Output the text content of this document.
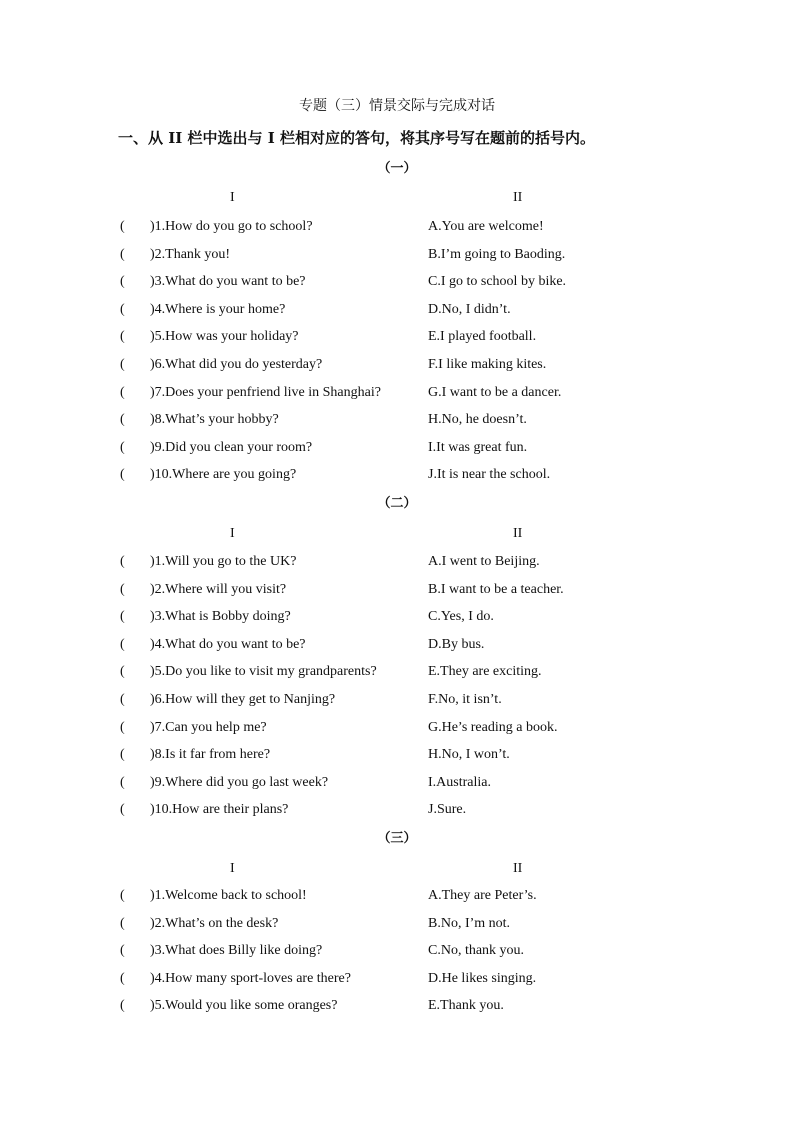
专题（三）情景交际与完成对话
一、从 II 栏中选出与 I 栏相对应的答句，将其序号写在题前的括号内。
（一）
I	II
( )1.How do you go to school?	A.You are welcome!
( )2.Thank you!	B.I’m going to Baoding.
( )3.What do you want to be?	C.I go to school by bike.
( )4.Where is your home?	D.No, I didn’t.
( )5.How was your holiday?	E.I played football.
( )6.What did you do yesterday?	F.I like making kites.
( )7.Does your penfriend live in Shanghai?	G.I want to be a dancer.
( )8.What’s your hobby?	H.No, he doesn’t.
( )9.Did you clean your room?	I.It was great fun.
( )10.Where are you going?	J.It is near the school.
（二）
I	II
( )1.Will you go to the UK?	A.I went to Beijing.
( )2.Where will you visit?	B.I want to be a teacher.
( )3.What is Bobby doing?	C.Yes, I do.
( )4.What do you want to be?	D.By bus.
( )5.Do you like to visit my grandparents?	E.They are exciting.
( )6.How will they get to Nanjing?	F.No, it isn’t.
( )7.Can you help me?	G.He’s reading a book.
( )8.Is it far from here?	H.No, I won’t.
( )9.Where did you go last week?	I.Australia.
( )10.How are their plans?	J.Sure.
（三）
I	II
( )1.Welcome back to school!	A.They are Peter’s.
( )2.What’s on the desk?	B.No, I’m not.
( )3.What does Billy like doing?	C.No, thank you.
( )4.How many sport-loves are there?	D.He likes singing.
( )5.Would you like some oranges?	E.Thank you.
